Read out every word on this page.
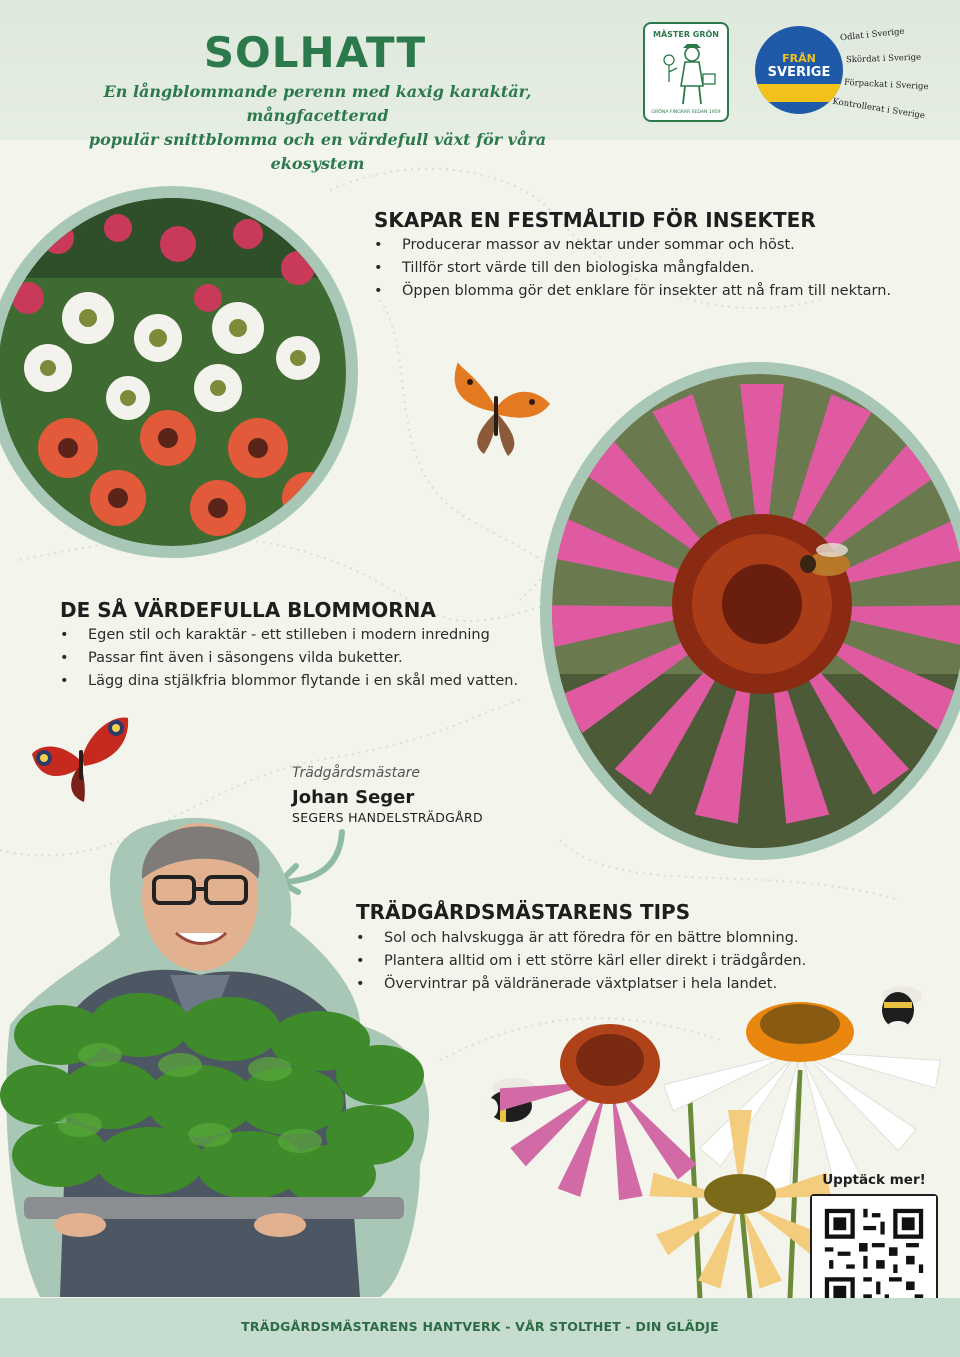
SOLHATT
En långblommande perenn med kaxig karaktär, mångfacetterad
populär snittblomma och en värdefull växt för våra ekosystem
MÄSTER GRÖN
GRÖNA FINGRAR SEDAN 1959
FRÅN
SVERIGE
Odlat i Sverige
Skördat i Sverige
Förpackat i Sverige
Kontrollerat i Sverige
SKAPAR EN FESTMÅLTID FÖR INSEKTER
• Producerar massor av nektar under sommar och höst.
• Tillför stort värde till den biologiska mångfalden.
• Öppen blomma gör det enklare för insekter att nå fram till nektarn.
DE SÅ VÄRDEFULLA BLOMMORNA
• Egen stil och karaktär - ett stilleben i modern inredning
• Passar fint även i säsongens vilda buketter.
• Lägg dina stjälkfria blommor flytande i en skål med vatten.
Trädgårdsmästare
Johan Seger
SEGERS HANDELSTRÄDGÅRD
TRÄDGÅRDSMÄSTARENS TIPS
• Sol och halvskugga är att föredra för en bättre blomning.
• Plantera alltid om i ett större kärl eller direkt i trädgården.
• Övervintrar på väldränerade växtplatser i hela landet.
Upptäck mer!
TRÄDGÅRDSMÄSTARENS HANTVERK - VÅR STOLTHET - DIN GLÄDJE
